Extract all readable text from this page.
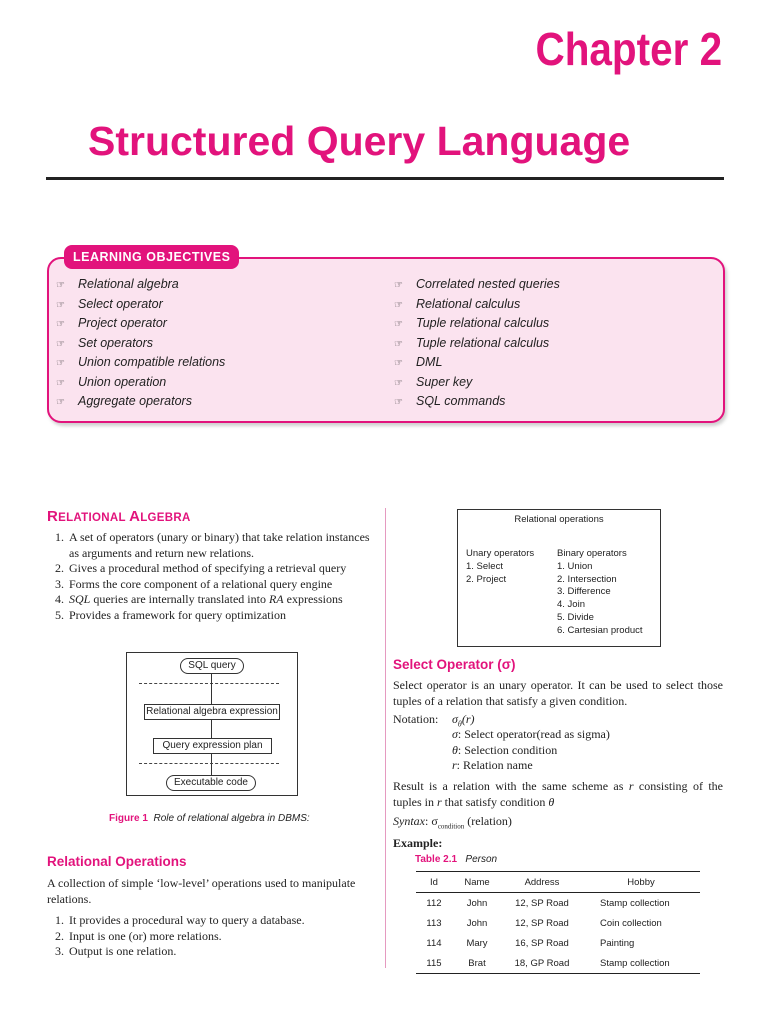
Chapter 2
Structured Query Language
LEARNING OBJECTIVES
☞ Relational algebra
☞ Select operator
☞ Project operator
☞ Set operators
☞ Union compatible relations
☞ Union operation
☞ Aggregate operators
☞ Correlated nested queries
☞ Relational calculus
☞ Tuple relational calculus
☞ Tuple relational calculus
☞ DML
☞ Super key
☞ SQL commands
RELATIONAL ALGEBRA
1. A set of operators (unary or binary) that take relation instances as arguments and return new relations.
2. Gives a procedural method of specifying a retrieval query
3. Forms the core component of a relational query engine
4. SQL queries are internally translated into RA expressions
5. Provides a framework for query optimization
SQL query
Relational algebra expression
Query expression plan
Executable code
Figure 1 Role of relational algebra in DBMS:
Relational Operations
A collection of simple ‘low-level’ operations used to manipulate relations.
1. It provides a procedural way to query a database.
2. Input is one (or) more relations.
3. Output is one relation.
Relational operations
Unary operators
1. Select
2. Project
Binary operators
1. Union
2. Intersection
3. Difference
4. Join
5. Divide
6. Cartesian product
Select Operator (σ)
Select operator is an unary operator. It can be used to select those tuples of a relation that satisfy a given condition.
Notation: $\sigma_\theta(r)$
σ: Select operator(read as sigma)
θ: Selection condition
r: Relation name
Result is a relation with the same scheme as r consisting of the tuples in r that satisfy condition θ
Syntax: $\sigma_{condition}$ (relation)
Example:
Table 2.1 Person
Id	Name	Address	Hobby
112	John	12, SP Road	Stamp collection
113	John	12, SP Road	Coin collection
114	Mary	16, SP Road	Painting
115	Brat	18, GP Road	Stamp collection
